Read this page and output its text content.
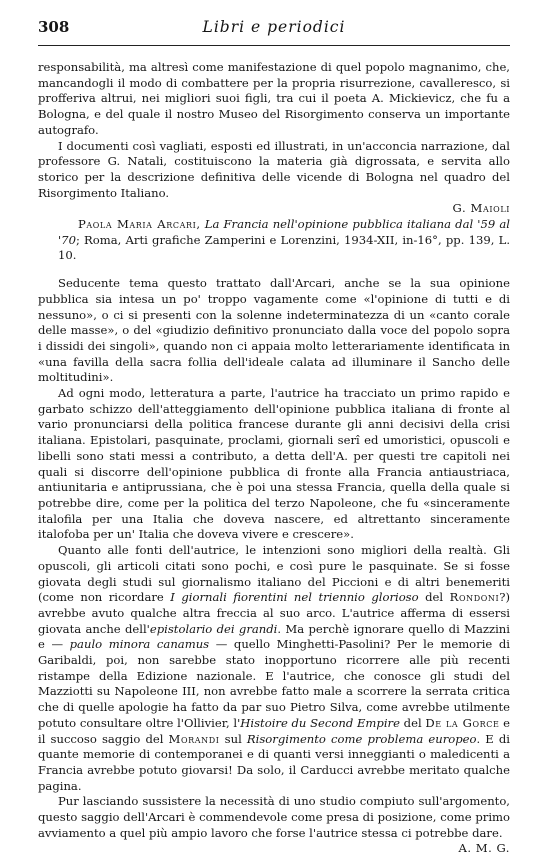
308	Libri e periodici

responsabilità, ma altresì come manifestazione di quel popolo magnanimo, che, mancandogli il modo di combattere per la propria risurrezione, cavalleresco, si profferiva altrui, nei migliori suoi figli, tra cui il poeta A. Mickievicz, che fu a Bologna, e del quale il nostro Museo del Risorgimento conserva un importante autografo.

I documenti così vagliati, esposti ed illustrati, in un'acconcia narrazione, dal professore G. Natali, costituiscono la materia già digrossata, e servita allo storico per la descrizione definitiva delle vicende di Bologna nel quadro del Risorgimento Italiano.

G. Maioli

Paola Maria Arcari, La Francia nell'opinione pubblica italiana dal '59 al '70; Roma, Arti grafiche Zamperini e Lorenzini, 1934-XII, in-16°, pp. 139, L. 10.

Seducente tema questo trattato dall'Arcari, anche se la sua opinione pubblica sia intesa un po' troppo vagamente come «l'opinione di tutti e di nessuno», o ci si presenti con la solenne indeterminatezza di un «canto corale delle masse», o del «giudizio definitivo pronunciato dalla voce del popolo sopra i dissidi dei singoli», quando non ci appaia molto letterariamente identificata in «una favilla della sacra follia dell'ideale calata ad illuminare il Sancho delle moltitudini».

Ad ogni modo, letteratura a parte, l'autrice ha tracciato un primo rapido e garbato schizzo dell'atteggiamento dell'opinione pubblica italiana di fronte al vario pronunciarsi della politica francese durante gli anni decisivi della crisi italiana. Epistolari, pasquinate, proclami, giornali serî ed umoristici, opuscoli e libelli sono stati messi a contributo, a detta dell'A. per questi tre capitoli nei quali si discorre dell'opinione pubblica di fronte alla Francia antiaustriaca, antiunitaria e antiprussiana, che è poi una stessa Francia, quella della quale si potrebbe dire, come per la politica del terzo Napoleone, che fu «sinceramente italofila per una Italia che doveva nascere, ed altrettanto sinceramente italofoba per un' Italia che doveva vivere e crescere».

Quanto alle fonti dell'autrice, le intenzioni sono migliori della realtà. Gli opuscoli, gli articoli citati sono pochi, e così pure le pasquinate. Se si fosse giovata degli studi sul giornalismo italiano del Piccioni e di altri benemeriti (come non ricordare I giornali fiorentini nel triennio glorioso del Rondoni?) avrebbe avuto qualche altra freccia al suo arco. L'autrice afferma di essersi giovata anche dell'epistolario dei grandi. Ma perchè ignorare quello di Mazzini e — paulo minora canamus — quello Minghetti-Pasolini? Per le memorie di Garibaldi, poi, non sarebbe stato inopportuno ricorrere alle più recenti ristampe della Edizione nazionale. E l'autrice, che conosce gli studi del Mazziotti su Napoleone III, non avrebbe fatto male a scorrere la serrata critica che di quelle apologie ha fatto da par suo Pietro Silva, come avrebbe utilmente potuto consultare oltre l'Ollivier, l'Histoire du Second Empire del De la Gorce e il succoso saggio del Morandi sul Risorgimento come problema europeo. E di quante memorie di contemporanei e di quanti versi inneggianti o maledicenti a Francia avrebbe potuto giovarsi! Da solo, il Carducci avrebbe meritato qualche pagina.

Pur lasciando sussistere la necessità di uno studio compiuto sull'argomento, questo saggio dell'Arcari è commendevole come presa di posizione, come primo avviamento a quel più ampio lavoro che forse l'autrice stessa ci potrebbe dare.

A. M. G.
